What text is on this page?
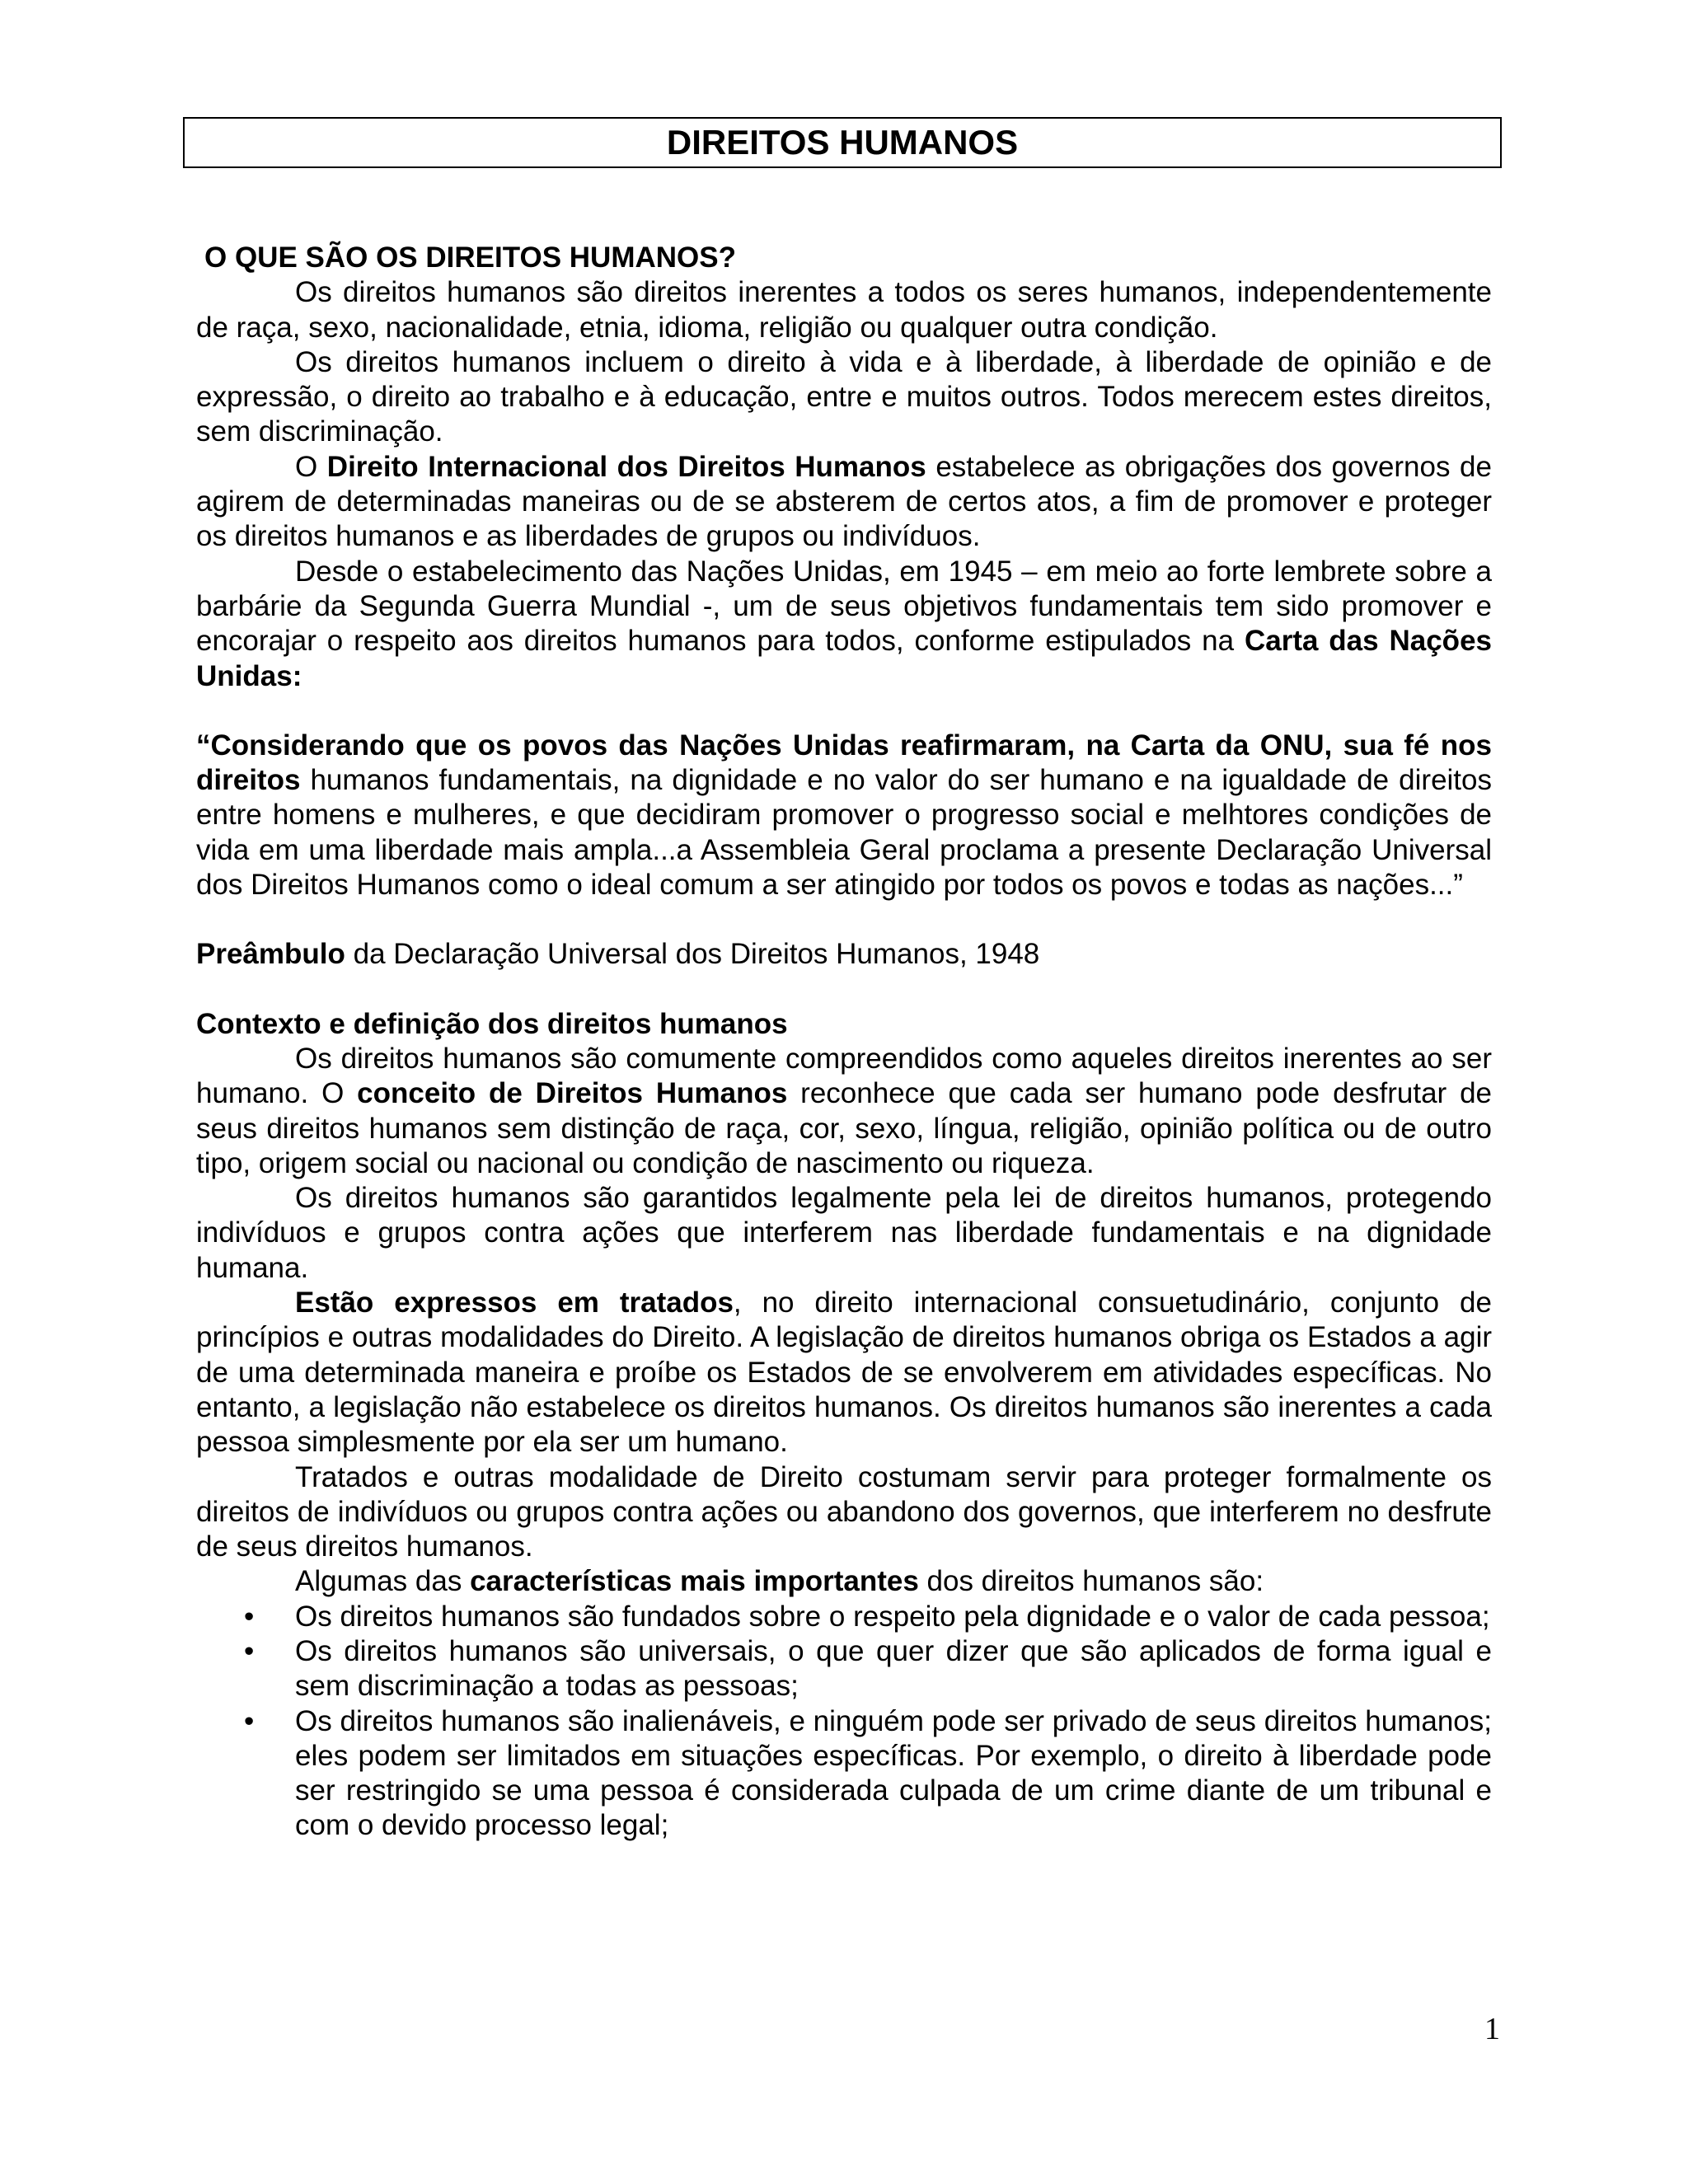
DIREITOS HUMANOS

O QUE SÃO OS DIREITOS HUMANOS?

Os direitos humanos são direitos inerentes a todos os seres humanos, independentemente de raça, sexo, nacionalidade, etnia, idioma, religião ou qualquer outra condição.

Os direitos humanos incluem o direito à vida e à liberdade, à liberdade de opinião e de expressão, o direito ao trabalho e à educação, entre e muitos outros. Todos merecem estes direitos, sem discriminação.

O Direito Internacional dos Direitos Humanos estabelece as obrigações dos governos de agirem de determinadas maneiras ou de se absterem de certos atos, a fim de promover e proteger os direitos humanos e as liberdades de grupos ou indivíduos.

Desde o estabelecimento das Nações Unidas, em 1945 – em meio ao forte lembrete sobre a barbárie da Segunda Guerra Mundial -, um de seus objetivos fundamentais tem sido promover e encorajar o respeito aos direitos humanos para todos, conforme estipulados na Carta das Nações Unidas:

“Considerando que os povos das Nações Unidas reafirmaram, na Carta da ONU, sua fé nos direitos humanos fundamentais, na dignidade e no valor do ser humano e na igualdade de direitos entre homens e mulheres, e que decidiram promover o progresso social e melhtores condições de vida em uma liberdade mais ampla...a Assembleia Geral proclama a presente Declaração Universal dos Direitos Humanos como o ideal comum a ser atingido por todos os povos e todas as nações...”

Preâmbulo da Declaração Universal dos Direitos Humanos, 1948

Contexto e definição dos direitos humanos

Os direitos humanos são comumente compreendidos como aqueles direitos inerentes ao ser humano. O conceito de Direitos Humanos reconhece que cada ser humano pode desfrutar de seus direitos humanos sem distinção de raça, cor, sexo, língua, religião, opinião política ou de outro tipo, origem social ou nacional ou condição de nascimento ou riqueza.

Os direitos humanos são garantidos legalmente pela lei de direitos humanos, protegendo indivíduos e grupos contra ações que interferem nas liberdade fundamentais e na dignidade humana.

Estão expressos em tratados, no direito internacional consuetudinário, conjunto de princípios e outras modalidades do Direito. A legislação de direitos humanos obriga os Estados a agir de uma determinada maneira e proíbe os Estados de se envolverem em atividades específicas. No entanto, a legislação não estabelece os direitos humanos. Os direitos humanos são inerentes a cada pessoa simplesmente por ela ser um humano.

Tratados e outras modalidade de Direito costumam servir para proteger formalmente os direitos de indivíduos ou grupos contra ações ou abandono dos governos, que interferem no desfrute de seus direitos humanos.

Algumas das características mais importantes dos direitos humanos são:

• Os direitos humanos são fundados sobre o respeito pela dignidade e o valor de cada pessoa;
• Os direitos humanos são universais, o que quer dizer que são aplicados de forma igual e sem discriminação a todas as pessoas;
• Os direitos humanos são inalienáveis, e ninguém pode ser privado de seus direitos humanos; eles podem ser limitados em situações específicas. Por exemplo, o direito à liberdade pode ser restringido se uma pessoa é considerada culpada de um crime diante de um tribunal e com o devido processo legal;
1
